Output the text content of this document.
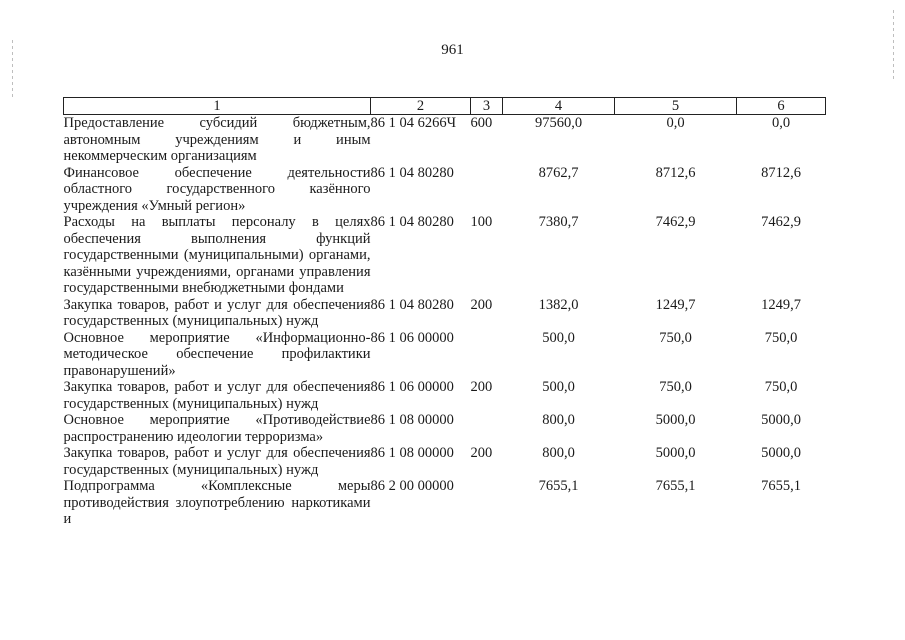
961
1	2	3	4	5	6
Предоставление субсидий бюджетным, автономным учреждениям и иным некоммерческим организациям	86 1 04 6266Ч	600	97560,0	0,0	0,0
Финансовое обеспечение деятельности областного государственного казённого учреждения «Умный регион»	86 1 04 80280		8762,7	8712,6	8712,6
Расходы на выплаты персоналу в целях обеспечения выполнения функций государственными (муниципальными) органами, казёнными учреждениями, органами управления государственными внебюджетными фондами	86 1 04 80280	100	7380,7	7462,9	7462,9
Закупка товаров, работ и услуг для обеспечения государственных (муниципальных) нужд	86 1 04 80280	200	1382,0	1249,7	1249,7
Основное мероприятие «Информационно-методическое обеспечение профилактики правонарушений»	86 1 06 00000		500,0	750,0	750,0
Закупка товаров, работ и услуг для обеспечения государственных (муниципальных) нужд	86 1 06 00000	200	500,0	750,0	750,0
Основное мероприятие «Противодействие распространению идеологии терроризма»	86 1 08 00000		800,0	5000,0	5000,0
Закупка товаров, работ и услуг для обеспечения государственных (муниципальных) нужд	86 1 08 00000	200	800,0	5000,0	5000,0
Подпрограмма «Комплексные меры противодействия злоупотреблению наркотиками и	86 2 00 00000		7655,1	7655,1	7655,1
